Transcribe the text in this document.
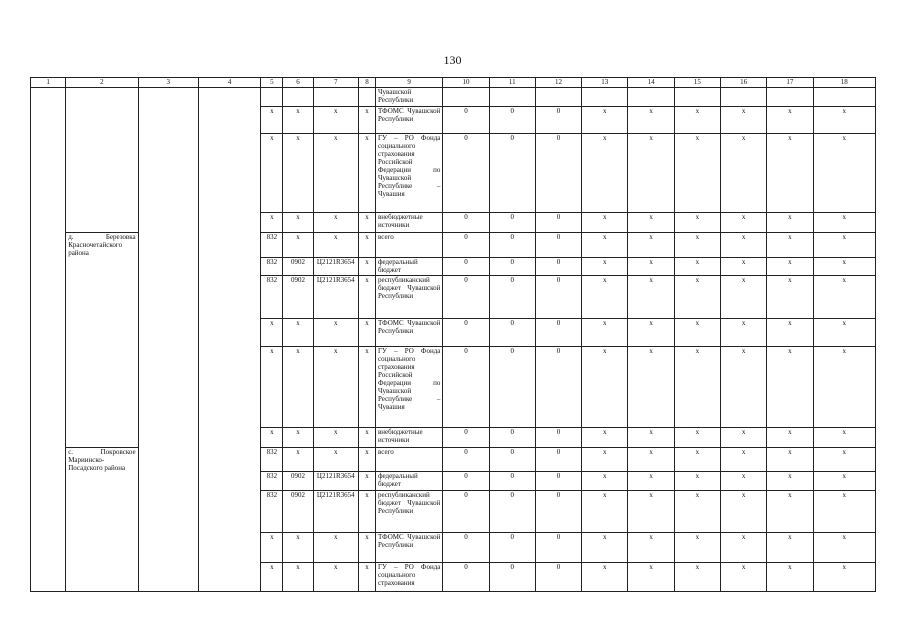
130
1	2	3	4	5	6	7	8	9	10	11	12	13	14	15	16	17	18
								Чувашской Республики									
				x	x	x	x	ТФОМС Чувашской Республики	0	0	0	x	x	x	x	x	x
				x	x	x	x	ГУ – РО Фонда социального страхования Российской Федерации по Чувашской Республике – Чувашия	0	0	0	x	x	x	x	x	x
				x	x	x	x	внебюджетные источники	0	0	0	x	x	x	x	x	x
	д. Березовка Красночетайского района			832	x	x	x	всего	0	0	0	x	x	x	x	x	x
				832	0902	Ц2121R3654	x	федеральный бюджет	0	0	0	x	x	x	x	x	x
				832	0902	Ц2121R3654	x	республиканский бюджет Чувашской Республики	0	0	0	x	x	x	x	x	x
				x	x	x	x	ТФОМС Чувашской Республики	0	0	0	x	x	x	x	x	x
				x	x	x	x	ГУ – РО Фонда социального страхования Российской Федерации по Чувашской Республике – Чувашия	0	0	0	x	x	x	x	x	x
				x	x	x	x	внебюджетные источники	0	0	0	x	x	x	x	x	x
	с. Покровское Мариинско-Посадского района			832	x	x	x	всего	0	0	0	x	x	x	x	x	x
				832	0902	Ц2121R3654	x	федеральный бюджет	0	0	0	x	x	x	x	x	x
				832	0902	Ц2121R3654	x	республиканский бюджет Чувашской Республики	0	0	0	x	x	x	x	x	x
				x	x	x	x	ТФОМС Чувашской Республики	0	0	0	x	x	x	x	x	x
				x	x	x	x	ГУ – РО Фонда социального страхования	0	0	0	x	x	x	x	x	x
